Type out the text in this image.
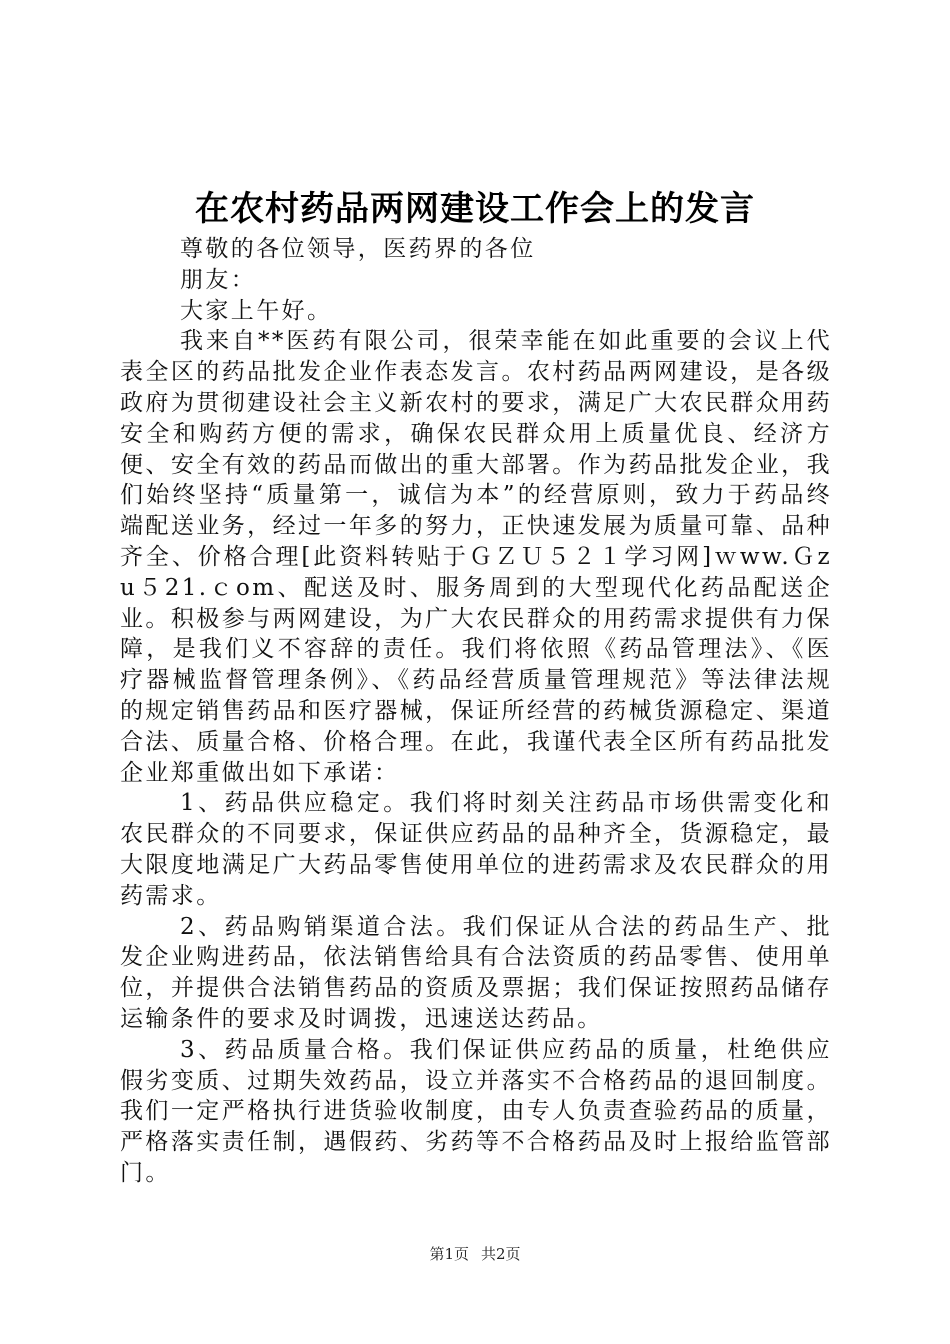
在农村药品两网建设工作会上的发言

尊敬的各位领导，医药界的各位

朋友：

大家上午好。

我来自**医药有限公司，很荣幸能在如此重要的会议上代表全区的药品批发企业作表态发言。农村药品两网建设，是各级政府为贯彻建设社会主义新农村的要求，满足广大农民群众用药安全和购药方便的需求，确保农民群众用上质量优良、经济方便、安全有效的药品而做出的重大部署。作为药品批发企业，我们始终坚持“质量第一，诚信为本”的经营原则，致力于药品终端配送业务，经过一年多的努力，正快速发展为质量可靠、品种齐全、价格合理[此资料转贴于ＧＺＵ５２１学习网]ｗww.Ｇzu５21.ｃom、配送及时、服务周到的大型现代化药品配送企业。积极参与两网建设，为广大农民群众的用药需求提供有力保障，是我们义不容辞的责任。我们将依照《药品管理法》、《医疗器械监督管理条例》、《药品经营质量管理规范》等法律法规的规定销售药品和医疗器械，保证所经营的药械货源稳定、渠道合法、质量合格、价格合理。在此，我谨代表全区所有药品批发企业郑重做出如下承诺：

1、药品供应稳定。我们将时刻关注药品市场供需变化和农民群众的不同要求，保证供应药品的品种齐全，货源稳定，最大限度地满足广大药品零售使用单位的进药需求及农民群众的用药需求。

2、药品购销渠道合法。我们保证从合法的药品生产、批发企业购进药品，依法销售给具有合法资质的药品零售、使用单位，并提供合法销售药品的资质及票据；我们保证按照药品储存运输条件的要求及时调拨，迅速送达药品。

3、药品质量合格。我们保证供应药品的质量，杜绝供应假劣变质、过期失效药品，设立并落实不合格药品的退回制度。我们一定严格执行进货验收制度，由专人负责查验药品的质量，严格落实责任制，遇假药、劣药等不合格药品及时上报给监管部门。

第1页 共2页
